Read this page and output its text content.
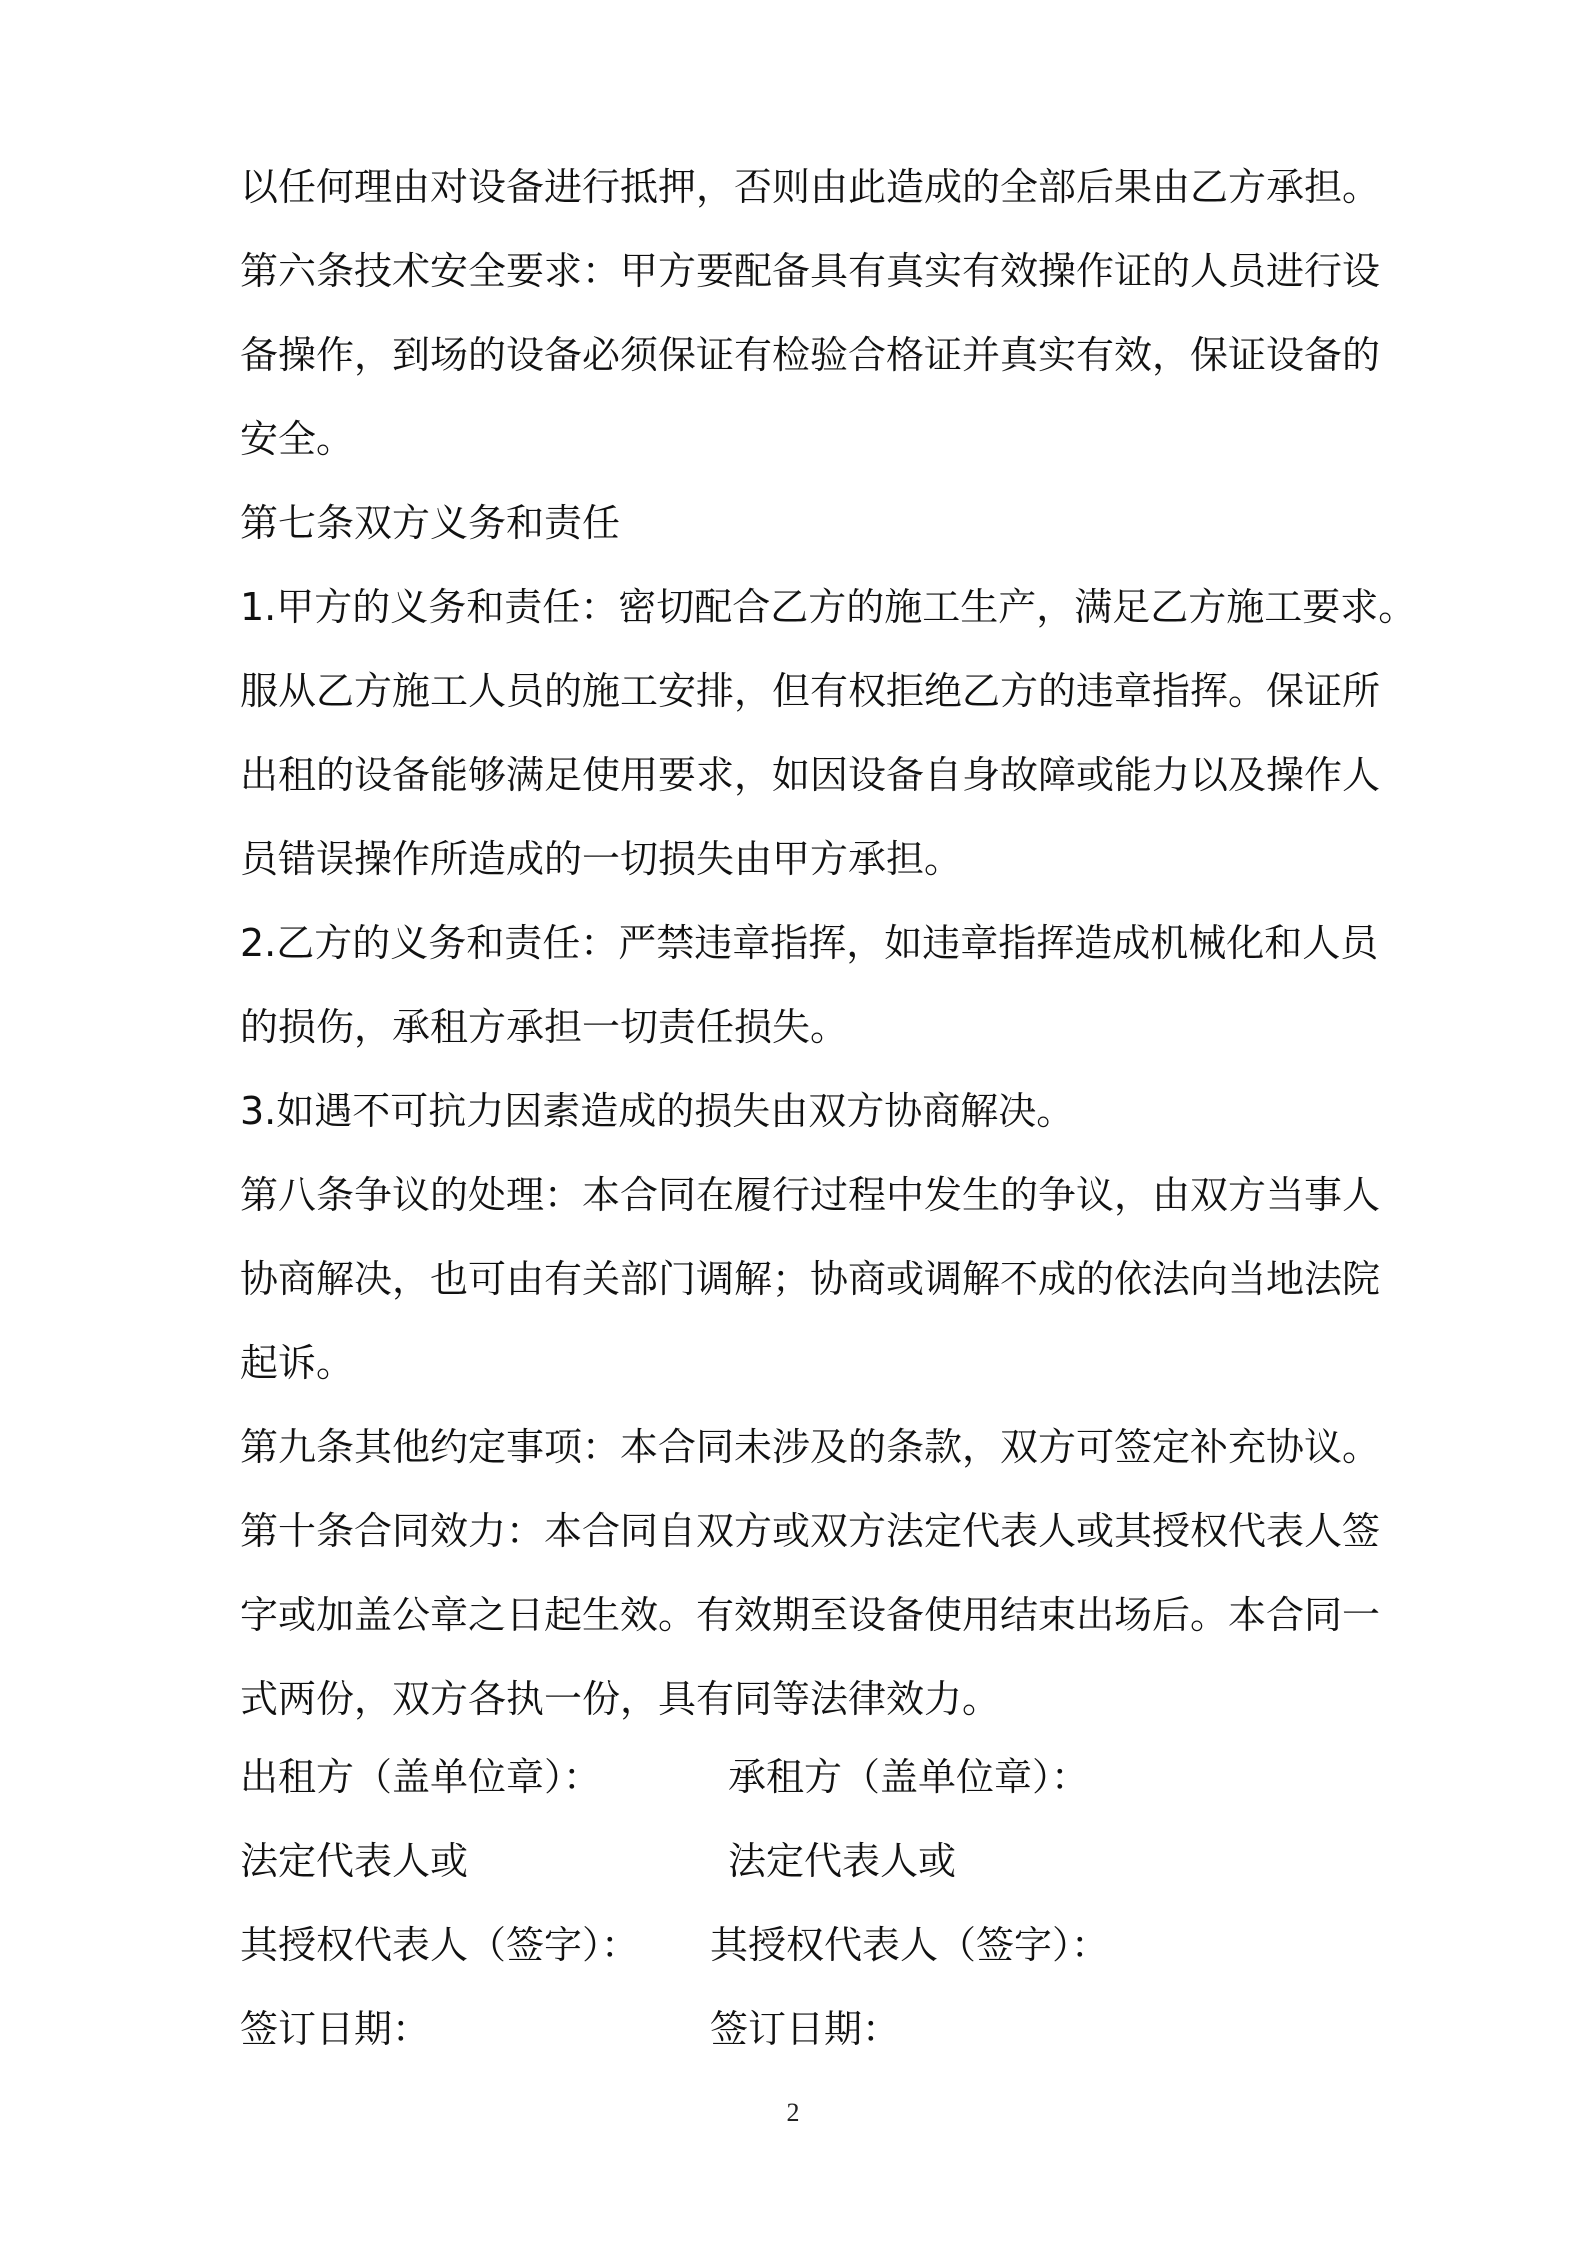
以任何理由对设备进行抵押，否则由此造成的全部后果由乙方承担。

第六条技术安全要求：甲方要配备具有真实有效操作证的人员进行设

备操作，到场的设备必须保证有检验合格证并真实有效，保证设备的

安全。

第七条双方义务和责任

1.甲方的义务和责任：密切配合乙方的施工生产，满足乙方施工要求。

服从乙方施工人员的施工安排，但有权拒绝乙方的违章指挥。保证所

出租的设备能够满足使用要求，如因设备自身故障或能力以及操作人

员错误操作所造成的一切损失由甲方承担。

2.乙方的义务和责任：严禁违章指挥，如违章指挥造成机械化和人员

的损伤，承租方承担一切责任损失。

3.如遇不可抗力因素造成的损失由双方协商解决。

第八条争议的处理：本合同在履行过程中发生的争议，由双方当事人

协商解决，也可由有关部门调解；协商或调解不成的依法向当地法院

起诉。

第九条其他约定事项：本合同未涉及的条款，双方可签定补充协议。

第十条合同效力：本合同自双方或双方法定代表人或其授权代表人签

字或加盖公章之日起生效。有效期至设备使用结束出场后。本合同一

式两份，双方各执一份，具有同等法律效力。

出租方（盖单位章）：	承租方（盖单位章）：
法定代表人或	法定代表人或
其授权代表人（签字）： 其授权代表人（签字）：
签订日期：	签订日期：
2
